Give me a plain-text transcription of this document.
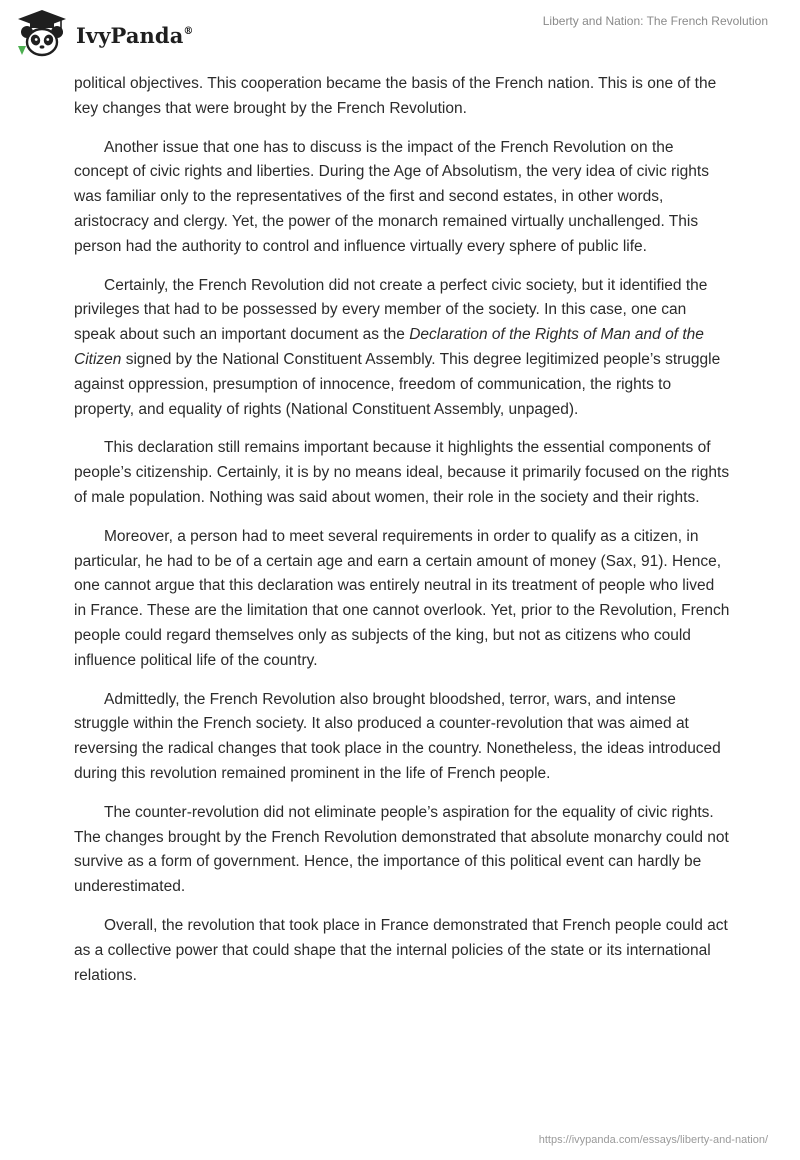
IvyPanda®
Liberty and Nation: The French Revolution

political objectives. This cooperation became the basis of the French nation. This is one of the key changes that were brought by the French Revolution.

Another issue that one has to discuss is the impact of the French Revolution on the concept of civic rights and liberties. During the Age of Absolutism, the very idea of civic rights was familiar only to the representatives of the first and second estates, in other words, aristocracy and clergy. Yet, the power of the monarch remained virtually unchallenged. This person had the authority to control and influence virtually every sphere of public life.

Certainly, the French Revolution did not create a perfect civic society, but it identified the privileges that had to be possessed by every member of the society. In this case, one can speak about such an important document as the Declaration of the Rights of Man and of the Citizen signed by the National Constituent Assembly. This degree legitimized people’s struggle against oppression, presumption of innocence, freedom of communication, the rights to property, and equality of rights (National Constituent Assembly, unpaged).

This declaration still remains important because it highlights the essential components of people’s citizenship. Certainly, it is by no means ideal, because it primarily focused on the rights of male population. Nothing was said about women, their role in the society and their rights.

Moreover, a person had to meet several requirements in order to qualify as a citizen, in particular, he had to be of a certain age and earn a certain amount of money (Sax, 91). Hence, one cannot argue that this declaration was entirely neutral in its treatment of people who lived in France. These are the limitation that one cannot overlook. Yet, prior to the Revolution, French people could regard themselves only as subjects of the king, but not as citizens who could influence political life of the country.

Admittedly, the French Revolution also brought bloodshed, terror, wars, and intense struggle within the French society. It also produced a counter-revolution that was aimed at reversing the radical changes that took place in the country. Nonetheless, the ideas introduced during this revolution remained prominent in the life of French people.

The counter-revolution did not eliminate people’s aspiration for the equality of civic rights. The changes brought by the French Revolution demonstrated that absolute monarchy could not survive as a form of government. Hence, the importance of this political event can hardly be underestimated.

Overall, the revolution that took place in France demonstrated that French people could act as a collective power that could shape that the internal policies of the state or its international relations.

https://ivypanda.com/essays/liberty-and-nation/
